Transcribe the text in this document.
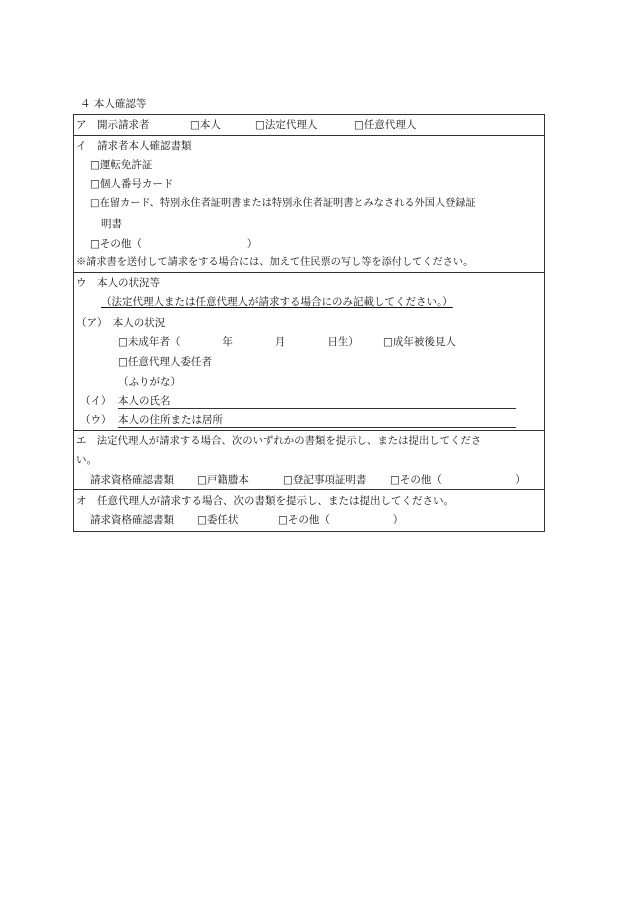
４ 本人確認等
ア　開示請求者	□本人	□法定代理人	□任意代理人
イ　請求者本人確認書類
□運転免許証
□個人番号カード
□在留カード、特別永住者証明書または特別永住者証明書とみなされる外国人登録証
明書
□その他（　　　　　　　　　　）
※請求書を送付して請求をする場合には、加えて住民票の写し等を添付してください。
ウ　本人の状況等
（法定代理人または任意代理人が請求する場合にのみ記載してください。）
（ア）　本人の状況
□未成年者（　　　　年　　　　月　　　　日生） □成年被後見人
□任意代理人委任者
（ふりがな）
（イ） 本人の氏名
（ウ） 本人の住所または居所
エ　法定代理人が請求する場合、次のいずれかの書類を提示し、または提出してくださ
い。
請求資格確認書類 □戸籍謄本	□登記事項証明書 □その他（　　　　　　　）
オ　任意代理人が請求する場合、次の書類を提示し、または提出してください。
請求資格確認書類 □委任状	□その他（　　　　　　）
